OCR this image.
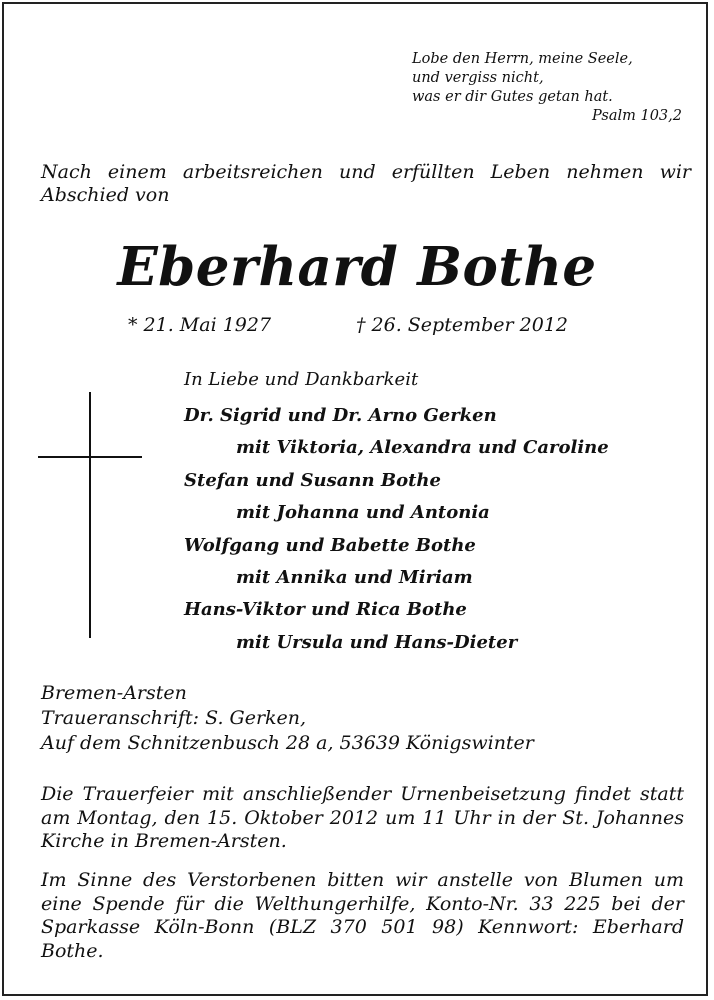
Lobe den Herrn, meine Seele,
und vergiss nicht,
was er dir Gutes getan hat.
Psalm 103,2
Nach einem arbeitsreichen und erfüllten Leben nehmen wir Abschied von
Eberhard Bothe
* 21. Mai 1927	† 26. September 2012
In Liebe und Dankbarkeit
Dr. Sigrid und Dr. Arno Gerken
mit Viktoria, Alexandra und Caroline
Stefan und Susann Bothe
mit Johanna und Antonia
Wolfgang und Babette Bothe
mit Annika und Miriam
Hans-Viktor und Rica Bothe
mit Ursula und Hans-Dieter
Bremen-Arsten
Traueranschrift: S. Gerken,
Auf dem Schnitzenbusch 28 a, 53639 Königswinter
Die Trauerfeier mit anschließender Urnenbeisetzung findet statt am Montag, den 15. Oktober 2012 um 11 Uhr in der St. Johannes Kirche in Bremen-Arsten.
Im Sinne des Verstorbenen bitten wir anstelle von Blumen um eine Spende für die Welthungerhilfe, Konto-Nr. 33 225 bei der Sparkasse Köln-Bonn (BLZ 370 501 98) Kennwort: Eberhard Bothe.
